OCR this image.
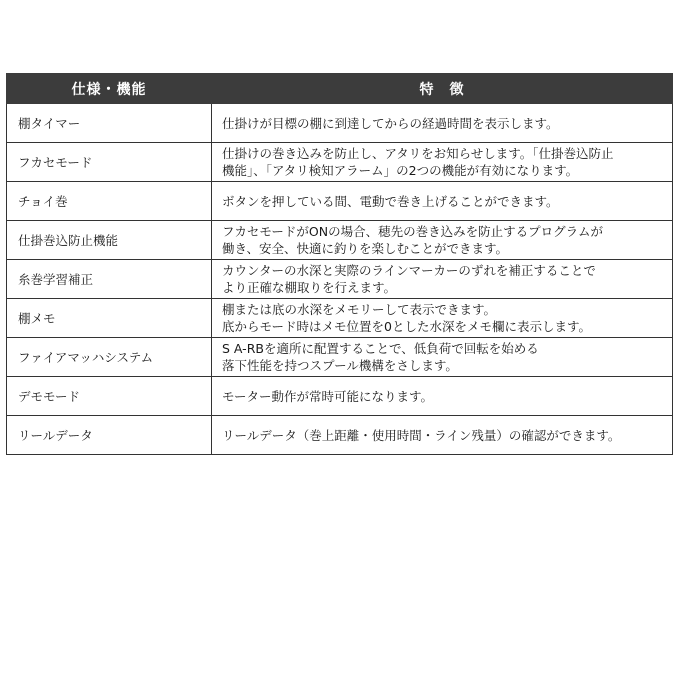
仕様・機能	特　徴
棚タイマー	仕掛けが目標の棚に到達してからの経過時間を表示します。
フカセモード	仕掛けの巻き込みを防止し、アタリをお知らせします。「仕掛巻込防止
機能」、「アタリ検知アラーム」の2つの機能が有効になります。
チョイ巻	ボタンを押している間、電動で巻き上げることができます。
仕掛巻込防止機能	フカセモードがONの場合、穂先の巻き込みを防止するプログラムが
働き、安全、快適に釣りを楽しむことができます。
糸巻学習補正	カウンターの水深と実際のラインマーカーのずれを補正することで
より正確な棚取りを行えます。
棚メモ	棚または底の水深をメモリーして表示できます。
底からモード時はメモ位置を0とした水深をメモ欄に表示します。
ファイアマッハシステム	S A-RBを適所に配置することで、低負荷で回転を始める
落下性能を持つスプール機構をさします。
デモモード	モーター動作が常時可能になります。
リールデータ	リールデータ（巻上距離・使用時間・ライン残量）の確認ができます。
